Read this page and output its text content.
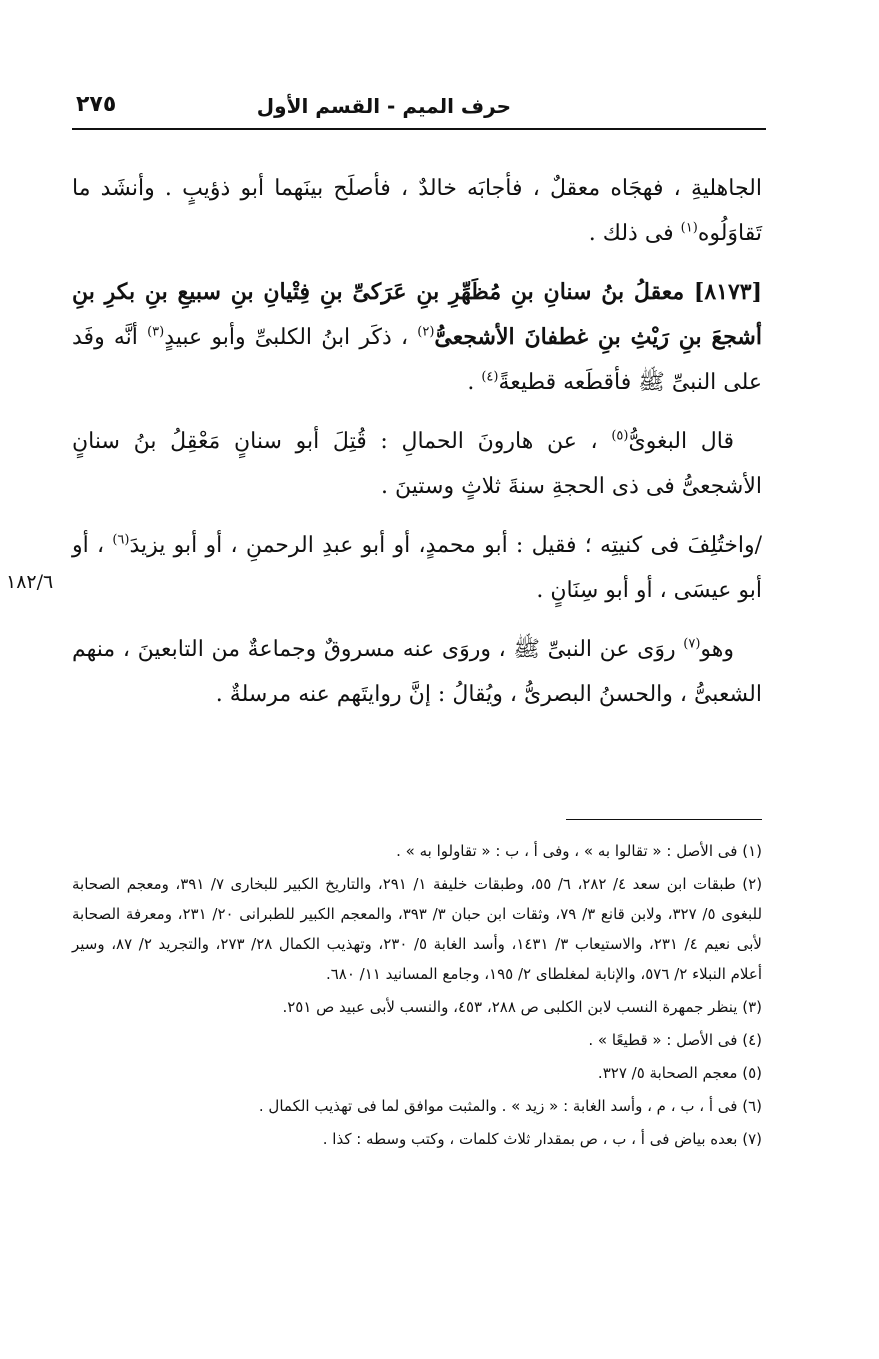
حرف الميم - القسم الأول
٢٧٥

الجاهليةِ ، فهجَاه معقلٌ ، فأجابَه خالدٌ ، فأصلَح بينَهما أبو ذؤيبٍ . وأنشَد ما تَقاوَلُوه$^{(١)}$ فى ذلك .

[٨١٧٣] معقلُ بنُ سنانِ بنِ مُظَهِّرِ بنِ عَرَكىِّ بنِ فِتْيانِ بنِ سبيعِ بنِ بكرِ بنِ أشجعَ بنِ رَيْثِ بنِ غطفانَ الأشجعىُّ$^{(٢)}$ ، ذكَر ابنُ الكلبىِّ وأبو عبيدٍ$^{(٣)}$ أنَّه وفَد على النبىِّ ﷺ فأقطَعه قطيعةً$^{(٤)}$ .

قال البغوىُّ$^{(٥)}$ ، عن هارونَ الحمالِ : قُتِلَ أبو سنانٍ مَعْقِلُ بنُ سنانٍ الأشجعىُّ فى ذى الحجةِ سنةَ ثلاثٍ وستينَ .

/واختُلِفَ فى كنيتِه ؛ فقيل : أبو محمدٍ، أو أبو عبدِ الرحمنِ ، أو أبو يزيدَ$^{(٦)}$ ، أو أبو عيسَى ، أو أبو سِنَانٍ .

وهو$^{(٧)}$ روَى عن النبىِّ ﷺ ، وروَى عنه مسروقٌ وجماعةٌ من التابعينَ ، منهم الشعبىُّ ، والحسنُ البصرىُّ ، ويُقالُ : إنَّ روايتَهم عنه مرسلةٌ .

١٨٢/٦
(١) فى الأصل : « تقالوا به » ، وفى أ ، ب : « تقاولوا به » .
(٢) طبقات ابن سعد ٤/ ٢٨٢، ٦/ ٥٥، وطبقات خليفة ١/ ٢٩١، والتاريخ الكبير للبخارى ٧/ ٣٩١، ومعجم الصحابة للبغوى ٥/ ٣٢٧، ولابن قانع ٣/ ٧٩، وثقات ابن حبان ٣/ ٣٩٣، والمعجم الكبير للطبرانى ٢٠/ ٢٣١، ومعرفة الصحابة لأبى نعيم ٤/ ٢٣١، والاستيعاب ٣/ ١٤٣١، وأسد الغابة ٥/ ٢٣٠، وتهذيب الكمال ٢٨/ ٢٧٣، والتجريد ٢/ ٨٧، وسير أعلام النبلاء ٢/ ٥٧٦، والإنابة لمغلطاى ٢/ ١٩٥، وجامع المسانيد ١١/ ٦٨٠.
(٣) ينظر جمهرة النسب لابن الكلبى ص ٢٨٨، ٤٥٣، والنسب لأبى عبيد ص ٢٥١.
(٤) فى الأصل : « قطيعًا » .
(٥) معجم الصحابة ٥/ ٣٢٧.
(٦) فى أ ، ب ، م ، وأسد الغابة : « زيد » . والمثبت موافق لما فى تهذيب الكمال .
(٧) بعده بياض فى أ ، ب ، ص بمقدار ثلاث كلمات ، وكتب وسطه : كذا .
